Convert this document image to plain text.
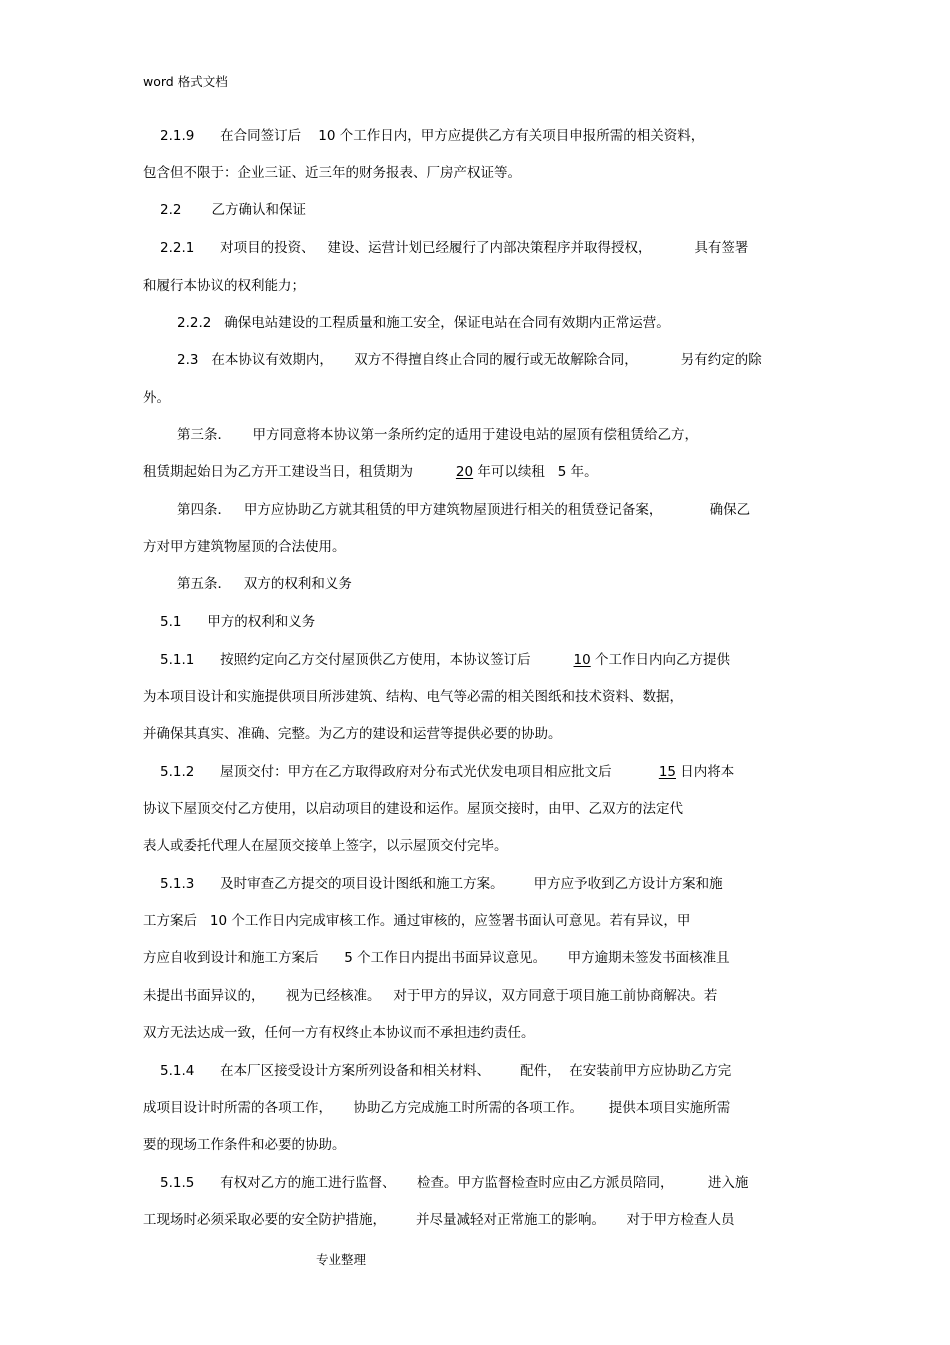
word 格式文档
2.1.9      在合同签订后    10 个工作日内，甲方应提供乙方有关项目申报所需的相关资料，
包含但不限于：企业三证、近三年的财务报表、厂房产权证等。
2.2       乙方确认和保证
2.2.1      对项目的投资、   建设、运营计划已经履行了内部决策程序并取得授权，          具有签署
和履行本协议的权利能力；
2.2.2   确保电站建设的工程质量和施工安全，保证电站在合同有效期内正常运营。
2.3   在本协议有效期内，     双方不得擅自终止合同的履行或无故解除合同，          另有约定的除
外。
第三条．     甲方同意将本协议第一条所约定的适用于建设电站的屋顶有偿租赁给乙方，
租赁期起始日为乙方开工建设当日，租赁期为          20 年可以续租   5 年。
第四条．   甲方应协助乙方就其租赁的甲方建筑物屋顶进行相关的租赁登记备案，           确保乙
方对甲方建筑物屋顶的合法使用。
第五条．   双方的权利和义务
5.1      甲方的权利和义务
5.1.1      按照约定向乙方交付屋顶供乙方使用，本协议签订后          10 个工作日内向乙方提供
为本项目设计和实施提供项目所涉建筑、结构、电气等必需的相关图纸和技术资料、数据，
并确保其真实、准确、完整。为乙方的建设和运营等提供必要的协助。
5.1.2      屋顶交付：甲方在乙方取得政府对分布式光伏发电项目相应批文后           15 日内将本
协议下屋顶交付乙方使用，以启动项目的建设和运作。屋顶交接时，由甲、乙双方的法定代
表人或委托代理人在屋顶交接单上签字，以示屋顶交付完毕。
5.1.3      及时审查乙方提交的项目设计图纸和施工方案。       甲方应予收到乙方设计方案和施
工方案后   10 个工作日内完成审核工作。通过审核的，应签署书面认可意见。若有异议，甲
方应自收到设计和施工方案后      5 个工作日内提出书面异议意见。     甲方逾期未签发书面核准且
未提出书面异议的，     视为已经核准。   对于甲方的异议，双方同意于项目施工前协商解决。若
双方无法达成一致，任何一方有权终止本协议而不承担违约责任。
5.1.4      在本厂区接受设计方案所列设备和相关材料、       配件，  在安装前甲方应协助乙方完
成项目设计时所需的各项工作，     协助乙方完成施工时所需的各项工作。      提供本项目实施所需
要的现场工作条件和必要的协助。
5.1.5      有权对乙方的施工进行监督、     检查。甲方监督检查时应由乙方派员陪同，        进入施
工现场时必须采取必要的安全防护措施，       并尽量减轻对正常施工的影响。     对于甲方检查人员
专业整理
